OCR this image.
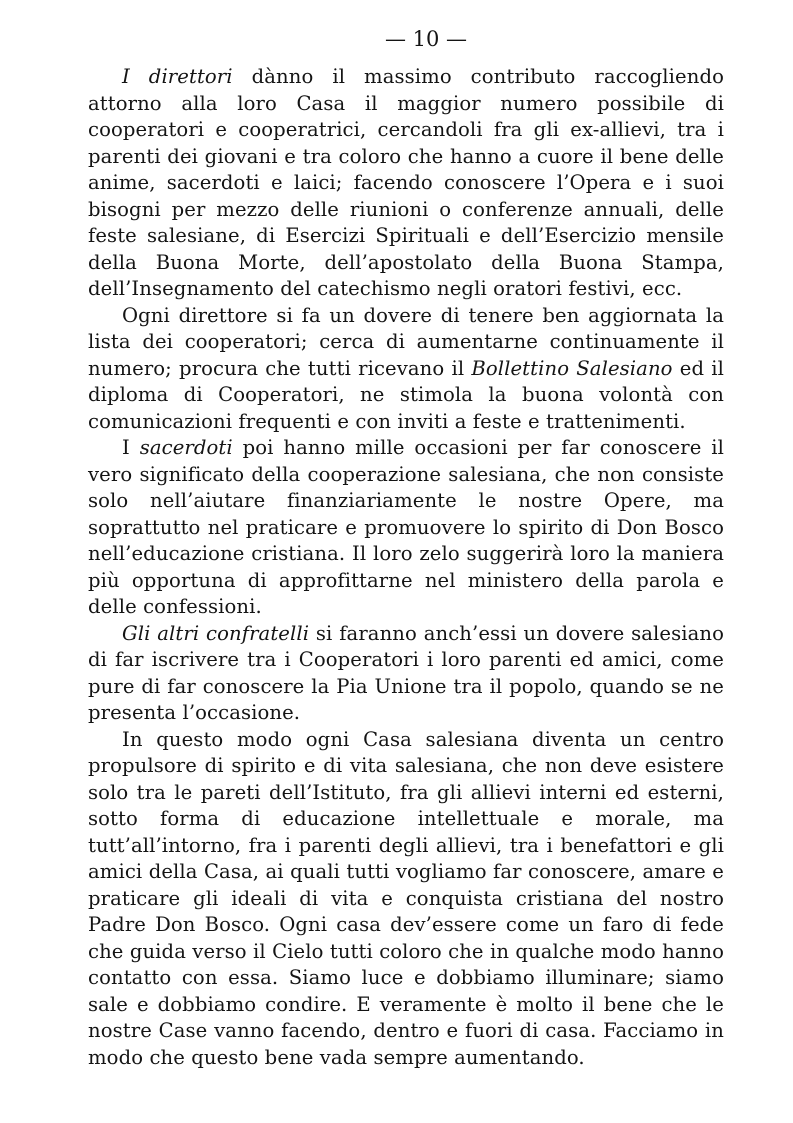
— 10 —

I direttori dànno il massimo contributo raccogliendo attorno alla loro Casa il maggior numero possibile di cooperatori e cooperatrici, cercandoli fra gli ex-allievi, tra i parenti dei giovani e tra coloro che hanno a cuore il bene delle anime, sacerdoti e laici; facendo conoscere l’Opera e i suoi bisogni per mezzo delle riunioni o conferenze annuali, delle feste salesiane, di Esercizi Spirituali e dell’Esercizio mensile della Buona Morte, dell’apostolato della Buona Stampa, dell’Insegnamento del catechismo negli oratori festivi, ecc.

Ogni direttore si fa un dovere di tenere ben aggiornata la lista dei cooperatori; cerca di aumentarne continuamente il numero; procura che tutti ricevano il Bollettino Salesiano ed il diploma di Cooperatori, ne stimola la buona volontà con comunicazioni frequenti e con inviti a feste e trattenimenti.

I sacerdoti poi hanno mille occasioni per far conoscere il vero significato della cooperazione salesiana, che non consiste solo nell’aiutare finanziariamente le nostre Opere, ma soprattutto nel praticare e promuovere lo spirito di Don Bosco nell’educazione cristiana. Il loro zelo suggerirà loro la maniera più opportuna di approfittarne nel ministero della parola e delle confessioni.

Gli altri confratelli si faranno anch’essi un dovere salesiano di far iscrivere tra i Cooperatori i loro parenti ed amici, come pure di far conoscere la Pia Unione tra il popolo, quando se ne presenta l’occasione.

In questo modo ogni Casa salesiana diventa un centro propulsore di spirito e di vita salesiana, che non deve esistere solo tra le pareti dell’Istituto, fra gli allievi interni ed esterni, sotto forma di educazione intellettuale e morale, ma tutt’all’intorno, fra i parenti degli allievi, tra i benefattori e gli amici della Casa, ai quali tutti vogliamo far conoscere, amare e praticare gli ideali di vita e conquista cristiana del nostro Padre Don Bosco. Ogni casa dev’essere come un faro di fede che guida verso il Cielo tutti coloro che in qualche modo hanno contatto con essa. Siamo luce e dobbiamo illuminare; siamo sale e dobbiamo condire. E veramente è molto il bene che le nostre Case vanno facendo, dentro e fuori di casa. Facciamo in modo che questo bene vada sempre aumentando.
